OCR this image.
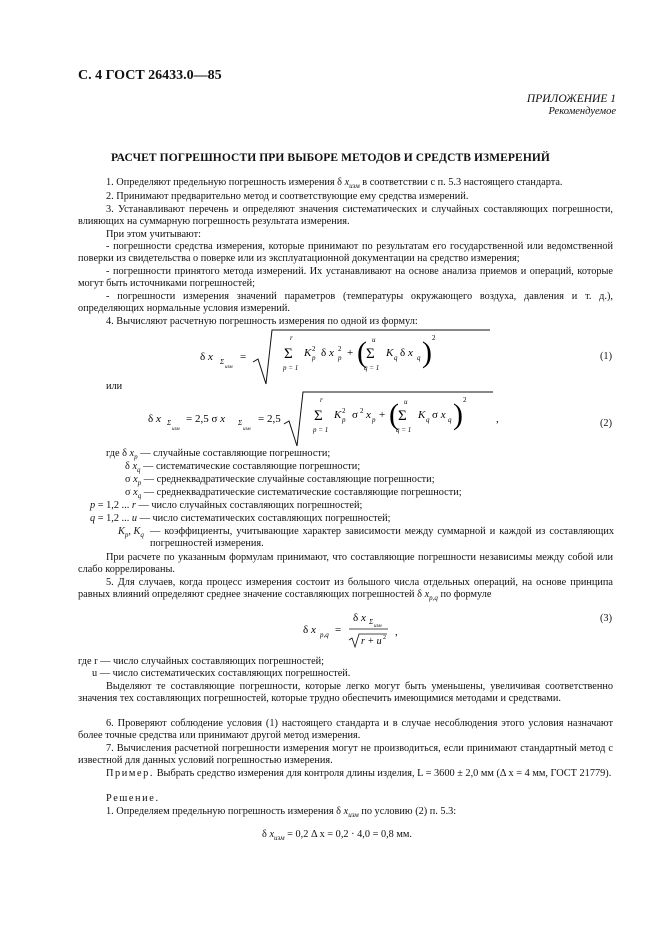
С. 4 ГОСТ 26433.0—85
ПРИЛОЖЕНИЕ 1
Рекомендуемое
РАСЧЕТ ПОГРЕШНОСТИ ПРИ ВЫБОРЕ МЕТОДОВ И СРЕДСТВ ИЗМЕРЕНИЙ
1. Определяют предельную погрешность измерения δ $x_{изм}$ в соответствии с п. 5.3 настоящего стандарта.
2. Принимают предварительно метод и соответствующие ему средства измерений.
3. Устанавливают перечень и определяют значения систематических и случайных составляющих погрешности, влияющих на суммарную погрешность результата измерения.
При этом учитывают:
- погрешности средства измерения, которые принимают по результатам его государственной или ведомственной поверки из свидетельства о поверке или из эксплуатационной документации на средство измерения;
- погрешности принятого метода измерений. Их устанавливают на основе анализа приемов и операций, которые могут быть источниками погрешностей;
- погрешности измерения значений параметров (температуры окружающего воздуха, давления и т. д.), определяющих нормальные условия измерений.
4. Вычисляют расчетную погрешность измерения по одной из формул:
δ x Σ
изм
=
r
Σ
p = 1
K 2
p δ x 2
p + ( u
Σ
q = 1
K q δ x q ) 2
(1)
или
δ x Σ
изм
= 2,5 σ x Σ
изм
= 2,5
r
Σ
p = 1
K 2
p σ 2 x p + ( u
Σ
q = 1
K q σ x q ) 2
,	(2)
где δ $x_p$ — случайные составляющие погрешности;
δ $x_q$ — систематические составляющие погрешности;
σ $x_p$ — среднеквадратические случайные составляющие погрешности;
σ $x_q$ — среднеквадратические систематические составляющие погрешности;
p = 1,2 ... r — число случайных составляющих погрешностей;
q = 1,2 ... u — число систематических составляющих погрешностей;
$K_p$, $K_q$ — коэффициенты, учитывающие характер зависимости между суммарной и каждой из составляющих погрешностей измерения.
При расчете по указанным формулам принимают, что составляющие погрешности независимы между собой или слабо коррелированы.
5. Для случаев, когда процесс измерения состоит из большого числа отдельных операций, на основе принципа равных влияний определяют среднее значение составляющих погрешностей δ $x_{p,q}$ по формуле
δ x p,q =
δ x Σ
изм
r + u 2 ,
(3)
где r — число случайных составляющих погрешностей;
u — число систематических составляющих погрешностей.
Выделяют те составляющие погрешности, которые легко могут быть уменьшены, увеличивая соответственно значения тех составляющих погрешностей, которые трудно обеспечить имеющимися методами и средствами.
6. Проверяют соблюдение условия (1) настоящего стандарта и в случае несоблюдения этого условия назначают более точные средства или принимают другой метод измерения.
7. Вычисления расчетной погрешности измерения могут не производиться, если принимают стандартный метод с известной для данных условий погрешностью измерения.
Пример. Выбрать средство измерения для контроля длины изделия, L = 3600 ± 2,0 мм (Δ x = 4 мм, ГОСТ 21779).
Решение.
1. Определяем предельную погрешность измерения δ $x_{изм}$ по условию (2) п. 5.3:
δ $x_{изм} = 0,2$ Δ x = 0,2 · 4,0 = 0,8 мм.
